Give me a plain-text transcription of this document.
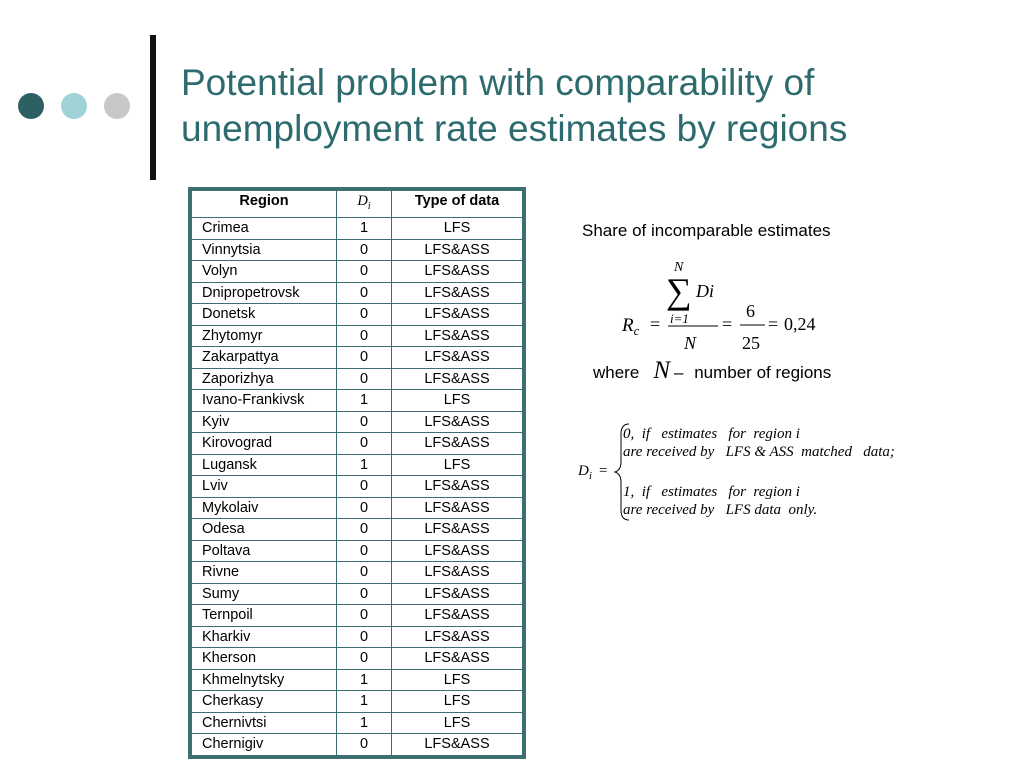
Potential problem with comparability of
unemployment rate estimates by regions
Region	$D_i$	Type of data
Crimea	1	LFS
Vinnytsia	0	LFS&ASS
Volyn	0	LFS&ASS
Dnipropetrovsk	0	LFS&ASS
Donetsk	0	LFS&ASS
Zhytomyr	0	LFS&ASS
Zakarpattya	0	LFS&ASS
Zaporizhya	0	LFS&ASS
Ivano-Frankivsk	1	LFS
Kyiv	0	LFS&ASS
Kirovograd	0	LFS&ASS
Lugansk	1	LFS
Lviv	0	LFS&ASS
Mykolaiv	0	LFS&ASS
Odesa	0	LFS&ASS
Poltava	0	LFS&ASS
Rivne	0	LFS&ASS
Sumy	0	LFS&ASS
Ternpoil	0	LFS&ASS
Kharkiv	0	LFS&ASS
Kherson	0	LFS&ASS
Khmelnytsky	1	LFS
Cherkasy	1	LFS
Chernivtsi	1	LFS
Chernigiv	0	LFS&ASS
Share of incomparable estimates
$R_c$ =
N
∑ Di
i=1
N
=
6
25
= 0,24
where N – number of regions
$D_i$ =
0,  if   estimates   for  region i
are received by   LFS & ASS  matched   data;
1,  if   estimates   for  region i
are received by   LFS data  only.
